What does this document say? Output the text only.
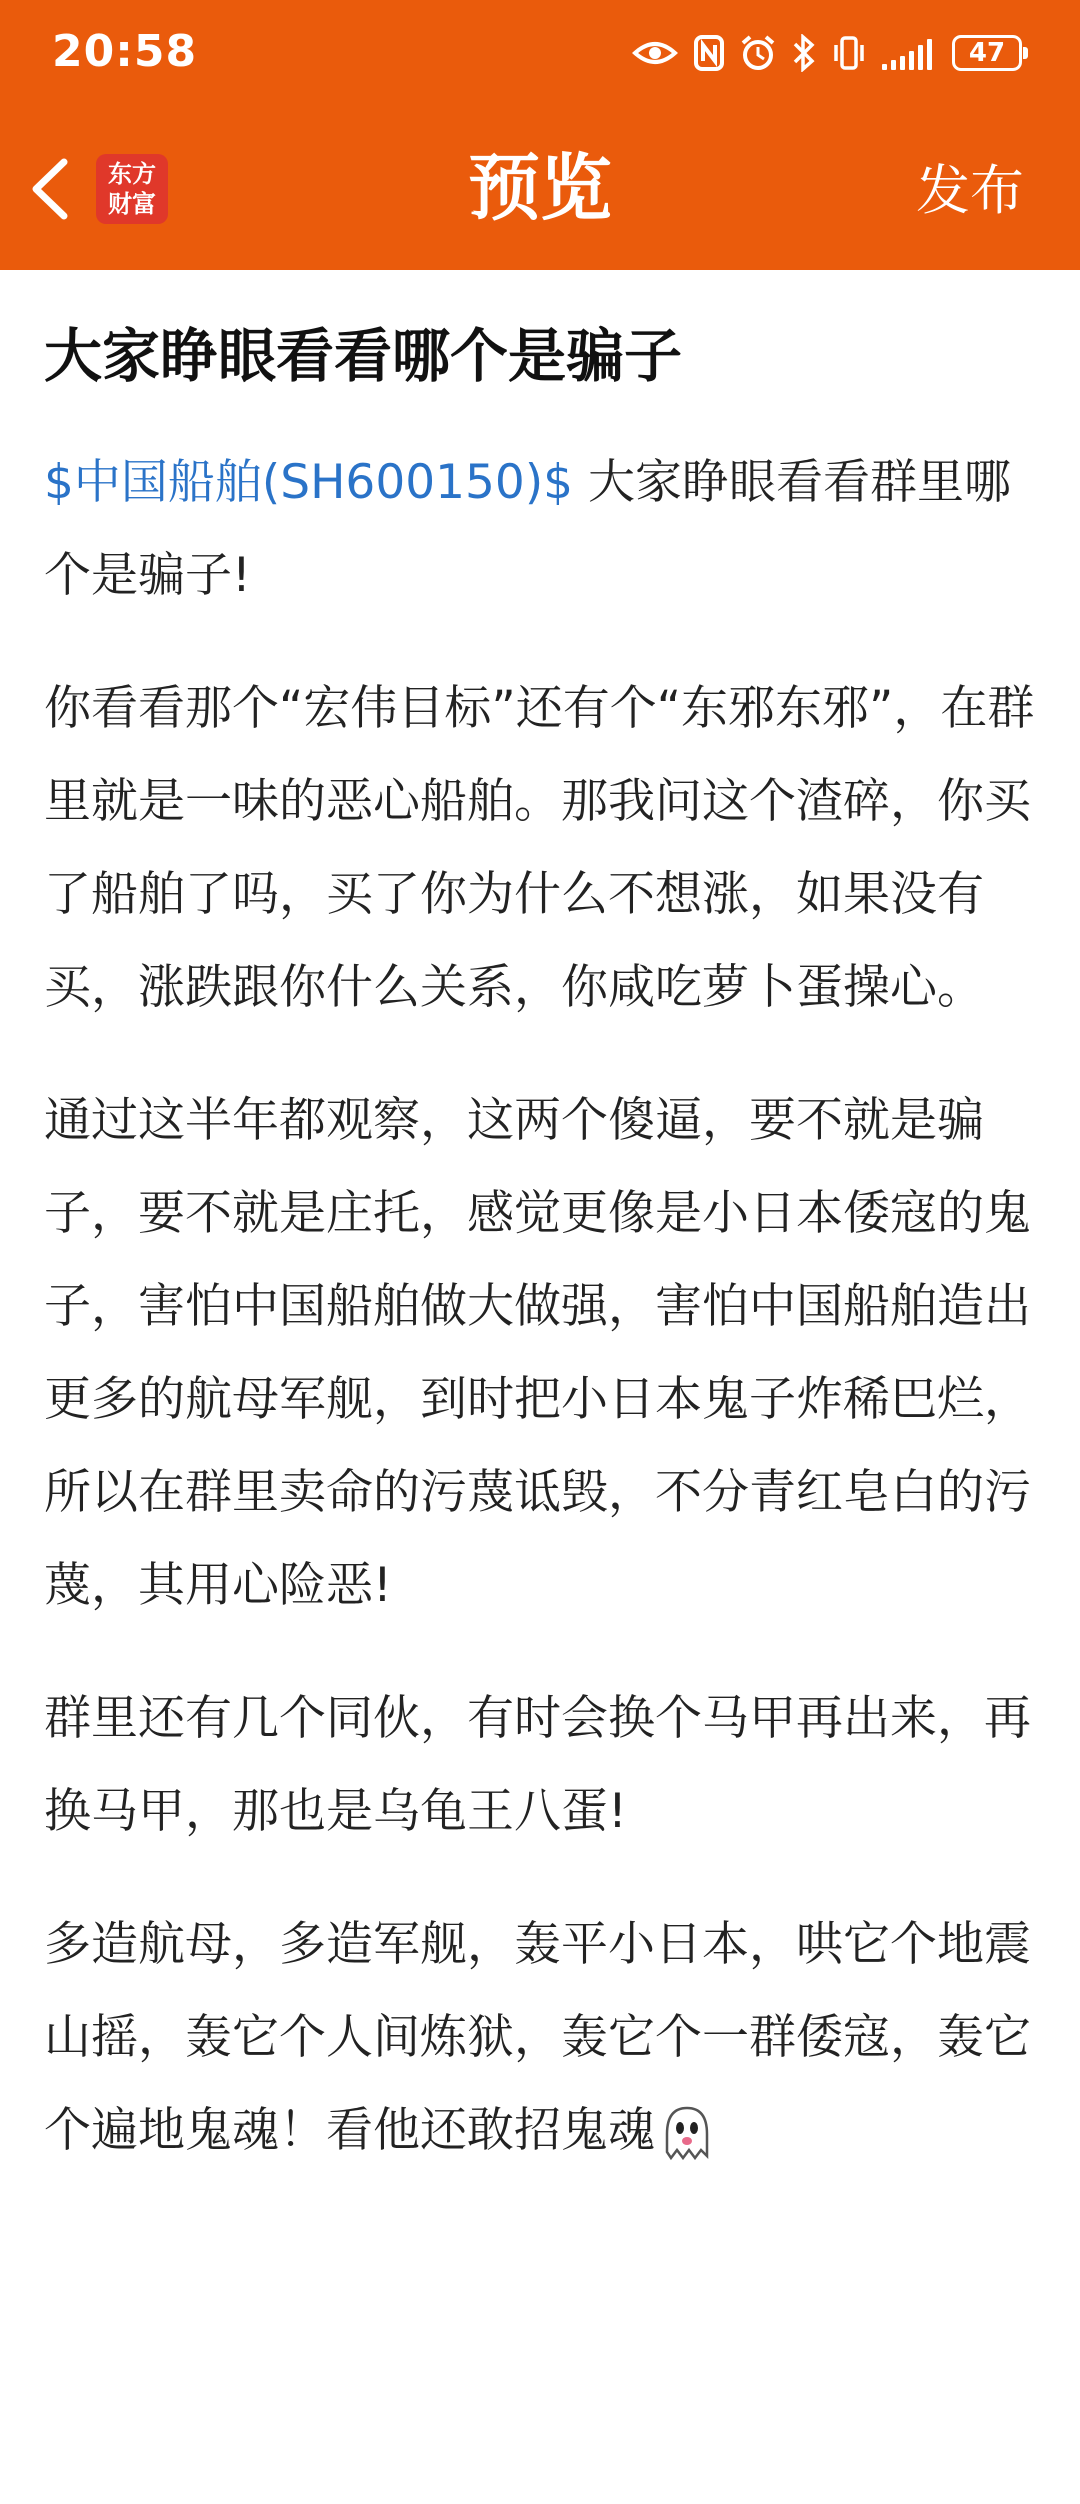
20:58	47
东方
财富	预览	发布
大家睁眼看看哪个是骗子
$中国船舶(SH600150)$ 大家睁眼看看群里哪个是骗子!
你看看那个“宏伟目标”还有个“东邪东邪”，在群里就是一味的恶心船舶。那我问这个渣碎，你买了船舶了吗，买了你为什么不想涨，如果没有买，涨跌跟你什么关系，你咸吃萝卜蛋操心。
通过这半年都观察，这两个傻逼，要不就是骗子，要不就是庄托，感觉更像是小日本倭寇的鬼子，害怕中国船舶做大做强，害怕中国船舶造出更多的航母军舰，到时把小日本鬼子炸稀巴烂，所以在群里卖命的污蔑诋毁，不分青红皂白的污蔑，其用心险恶!
群里还有几个同伙，有时会换个马甲再出来，再换马甲，那也是乌龟王八蛋!
多造航母，多造军舰，轰平小日本，哄它个地震山摇，轰它个人间炼狱，轰它个一群倭寇，轰它个遍地鬼魂！看他还敢招鬼魂
